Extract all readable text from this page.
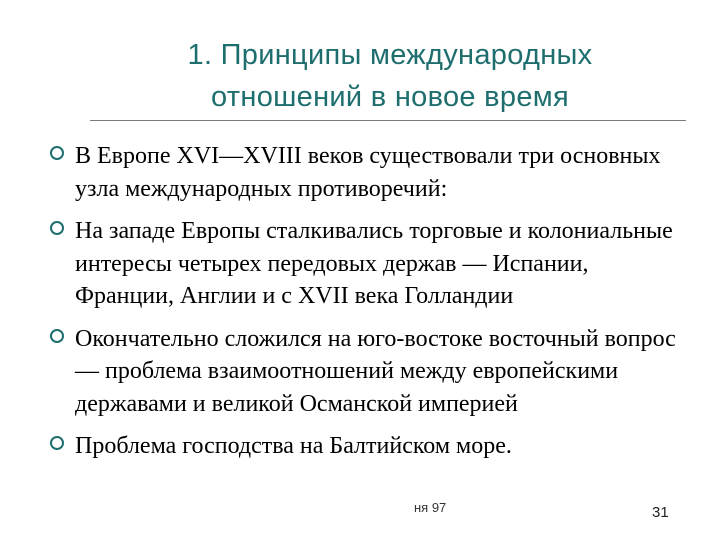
1. Принципы международных
отношений в новое время
В Европе XVI—XVIII веков существовали три основных узла международных противоречий:
На западе Европы сталкивались торговые и колониальные интересы четырех передовых держав — Испании, Франции, Англии и с XVII века Голландии
Окончательно сложился на юго-востоке восточный вопрос — проблема взаимоотношений между европейскими державами и великой Османской империей
Проблема господства на Балтийском море.
ня 97	31
